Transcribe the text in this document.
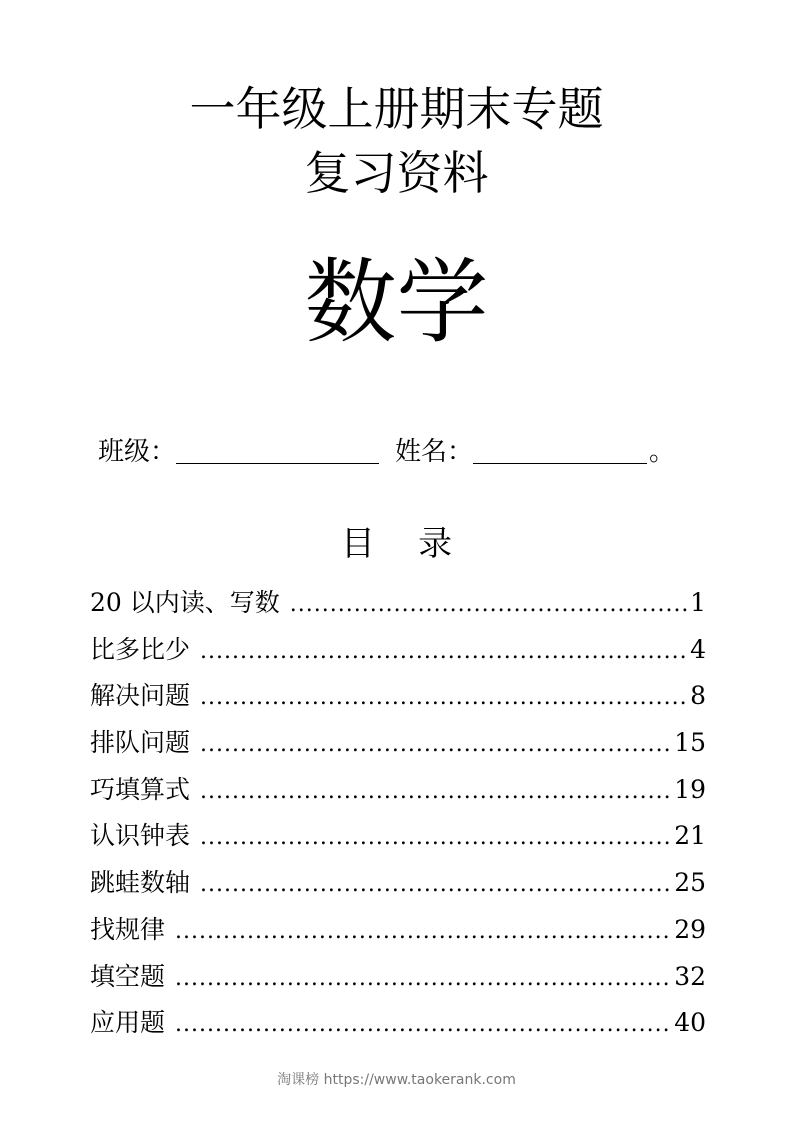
一年级上册期末专题
复习资料
数学
班级：	姓名：	。
目    录
20 以内读、写数 .....	1
比多比少 .....	4
解决问题 .....	8
排队问题 .....	15
巧填算式 .....	19
认识钟表 .....	21
跳蛙数轴 .....	25
找规律 .....	29
填空题 .....	32
应用题 .....	40
淘课榜 https://www.taokerank.com
